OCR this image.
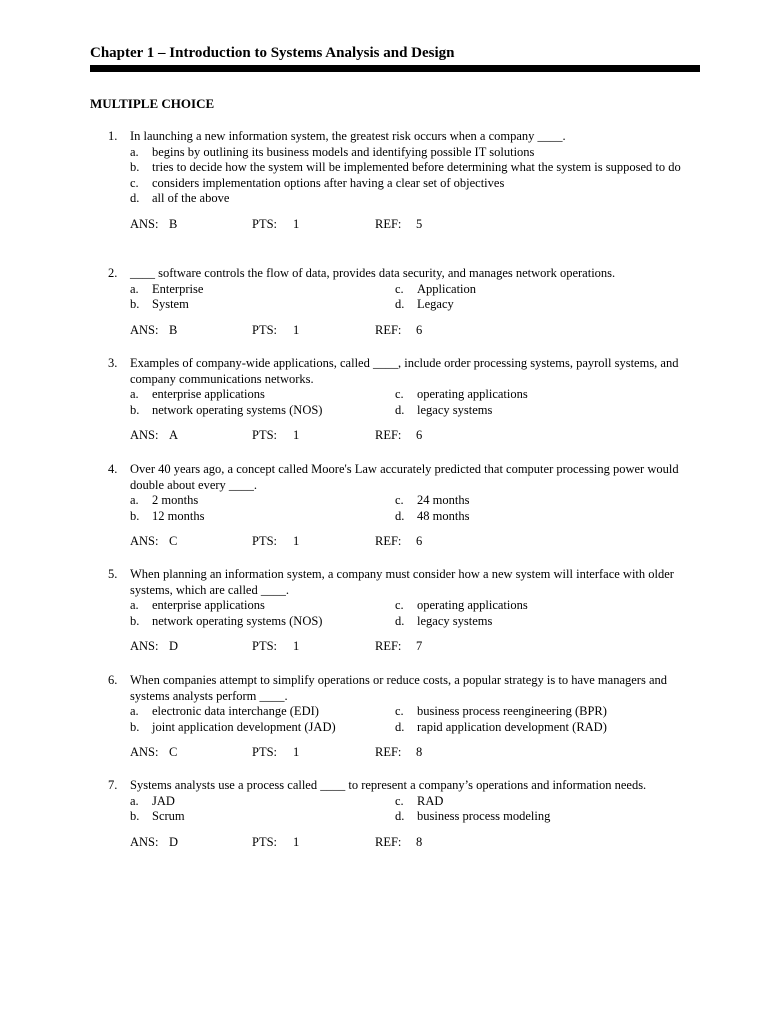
Chapter 1 – Introduction to Systems Analysis and Design
MULTIPLE CHOICE
1. In launching a new information system, the greatest risk occurs when a company ____.
a. begins by outlining its business models and identifying possible IT solutions
b. tries to decide how the system will be implemented before determining what the system is supposed to do
c. considers implementation options after having a clear set of objectives
d. all of the above
ANS: B	PTS: 1	REF: 5
2. ____ software controls the flow of data, provides data security, and manages network operations.
a. Enterprise	c. Application
b. System	d. Legacy
ANS: B	PTS: 1	REF: 6
3. Examples of company-wide applications, called ____, include order processing systems, payroll systems, and company communications networks.
a. enterprise applications	c. operating applications
b. network operating systems (NOS)	d. legacy systems
ANS: A	PTS: 1	REF: 6
4. Over 40 years ago, a concept called Moore's Law accurately predicted that computer processing power would double about every ____.
a. 2 months	c. 24 months
b. 12 months	d. 48 months
ANS: C	PTS: 1	REF: 6
5. When planning an information system, a company must consider how a new system will interface with older systems, which are called ____.
a. enterprise applications	c. operating applications
b. network operating systems (NOS)	d. legacy systems
ANS: D	PTS: 1	REF: 7
6. When companies attempt to simplify operations or reduce costs, a popular strategy is to have managers and systems analysts perform ____.
a. electronic data interchange (EDI)	c. business process reengineering (BPR)
b. joint application development (JAD)	d. rapid application development (RAD)
ANS: C	PTS: 1	REF: 8
7. Systems analysts use a process called ____ to represent a company’s operations and information needs.
a. JAD	c. RAD
b. Scrum	d. business process modeling
ANS: D	PTS: 1	REF: 8
